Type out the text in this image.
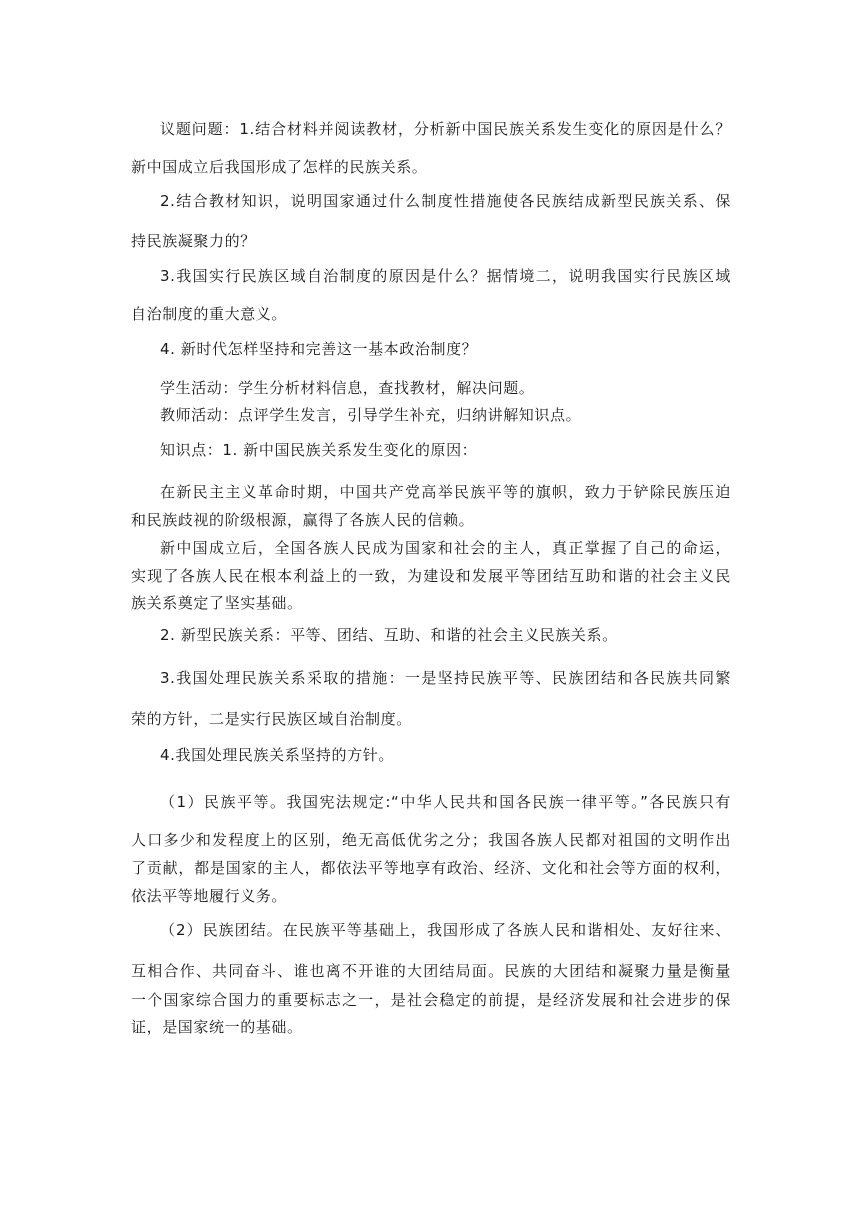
议题问题：1.结合材料并阅读教材，分析新中国民族关系发生变化的原因是什么？
新中国成立后我国形成了怎样的民族关系。
2.结合教材知识，说明国家通过什么制度性措施使各民族结成新型民族关系、保
持民族凝聚力的？
3.我国实行民族区域自治制度的原因是什么？据情境二，说明我国实行民族区域
自治制度的重大意义。
4. 新时代怎样坚持和完善这一基本政治制度？
学生活动：学生分析材料信息，查找教材，解决问题。
教师活动：点评学生发言，引导学生补充，归纳讲解知识点。
知识点：1. 新中国民族关系发生变化的原因：
在新民主主义革命时期，中国共产党高举民族平等的旗帜，致力于铲除民族压迫
和民族歧视的阶级根源，赢得了各族人民的信赖。
新中国成立后，全国各族人民成为国家和社会的主人，真正掌握了自己的命运，
实现了各族人民在根本利益上的一致，为建设和发展平等团结互助和谐的社会主义民
族关系奠定了坚实基础。
2. 新型民族关系：平等、团结、互助、和谐的社会主义民族关系。
3.我国处理民族关系采取的措施：一是坚持民族平等、民族团结和各民族共同繁
荣的方针，二是实行民族区域自治制度。
4.我国处理民族关系坚持的方针。
（1）民族平等。我国宪法规定:“中华人民共和国各民族一律平等。”各民族只有
人口多少和发程度上的区别，绝无高低优劣之分；我国各族人民都对祖国的文明作出
了贡献，都是国家的主人，都依法平等地享有政治、经济、文化和社会等方面的权利，
依法平等地履行义务。
（2）民族团结。在民族平等基础上，我国形成了各族人民和谐相处、友好往来、
互相合作、共同奋斗、谁也离不开谁的大团结局面。民族的大团结和凝聚力量是衡量
一个国家综合国力的重要标志之一，是社会稳定的前提，是经济发展和社会进步的保
证，是国家统一的基础。
